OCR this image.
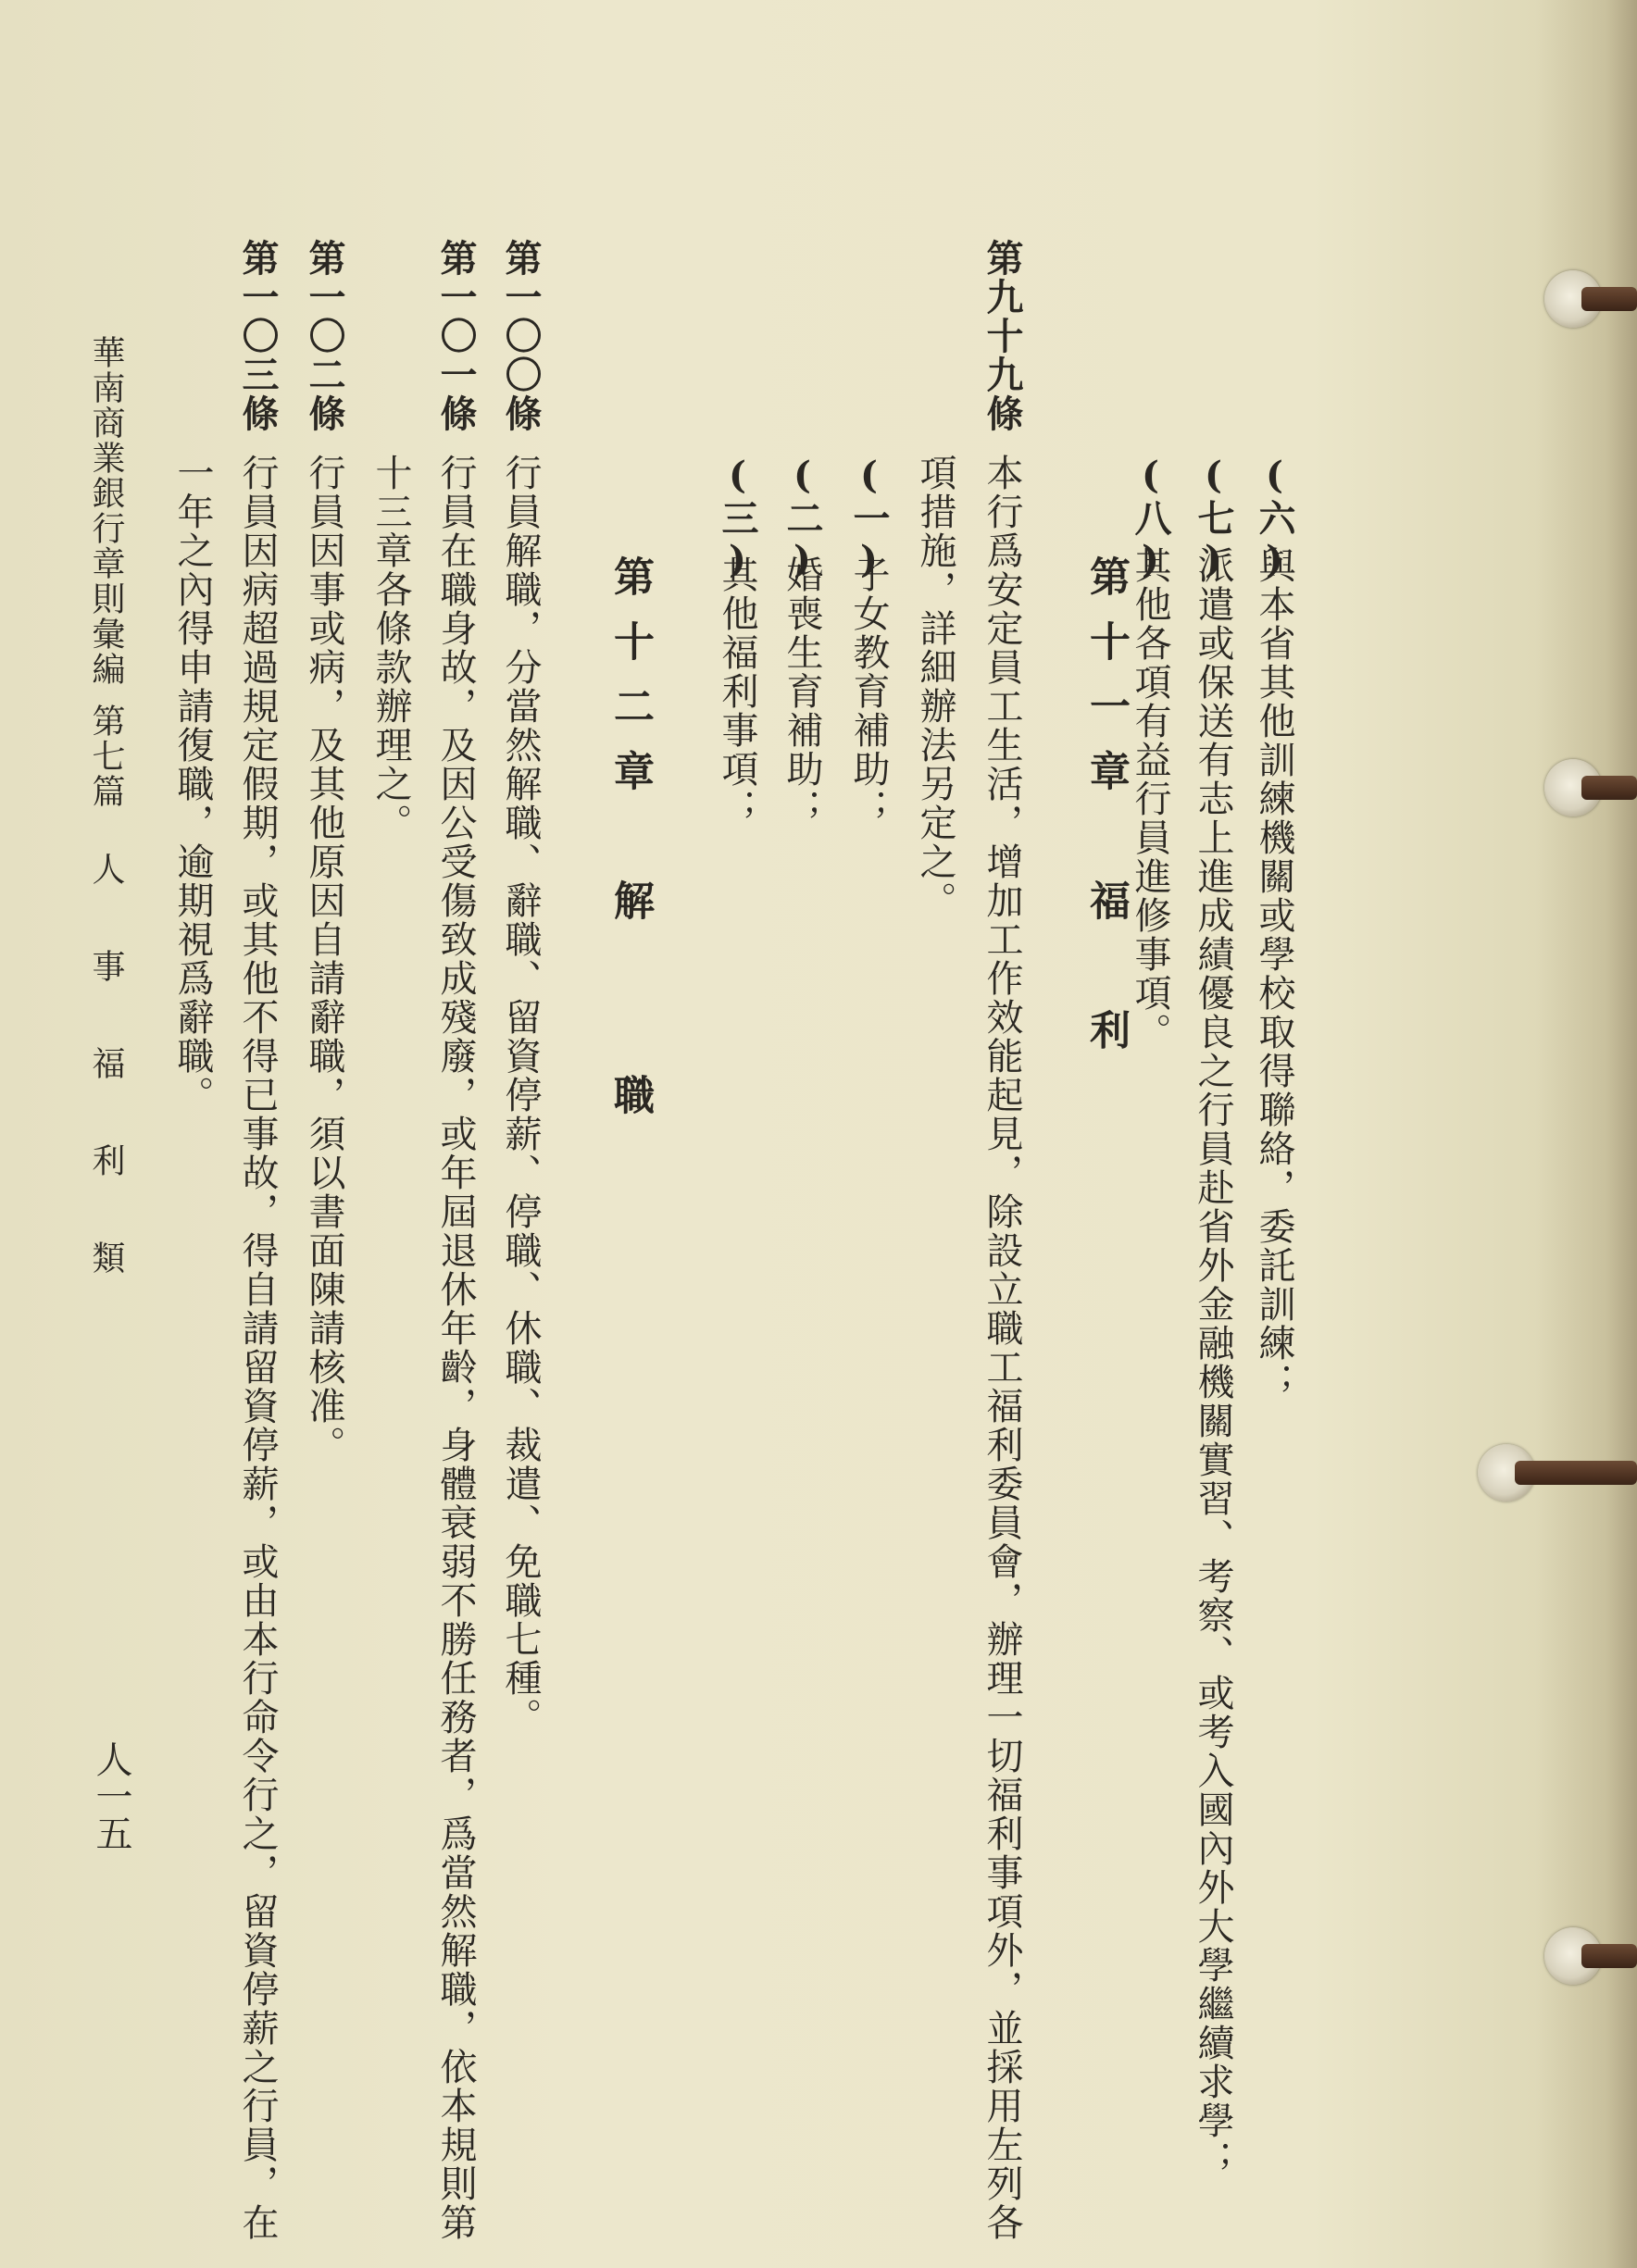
(六)
與本省其他訓練機關或學校取得聯絡，委託訓練；
(七)
派遣或保送有志上進成績優良之行員赴省外金融機關實習、考察、或考入國內外大學繼續求學；
(八)
其他各項有益行員進修事項。
第十一章　福　利
第九十九條
本行爲安定員工生活，增加工作效能起見，除設立職工福利委員會，辦理一切福利事項外，並採用左列各
項措施，詳細辦法另定之。
(一)
子女教育補助；
(二)
婚喪生育補助；
(三)
其他福利事項；
第十二章　解　　職
第一〇〇條
行員解職，分當然解職、辭職、留資停薪、停職、休職、裁遣、免職七種。
第一〇一條
行員在職身故，及因公受傷致成殘廢，或年屆退休年齡，身體衰弱不勝任務者，爲當然解職，依本規則第
十三章各條款辦理之。
第一〇二條
行員因事或病，及其他原因自請辭職，須以書面陳請核准。
第一〇三條
行員因病超過規定假期，或其他不得已事故，得自請留資停薪，或由本行命令行之，留資停薪之行員，在
一年之內得申請復職，逾期視爲辭職。
華南商業銀行章則彙編
第七篇
人 事 福 利 類
人一五
